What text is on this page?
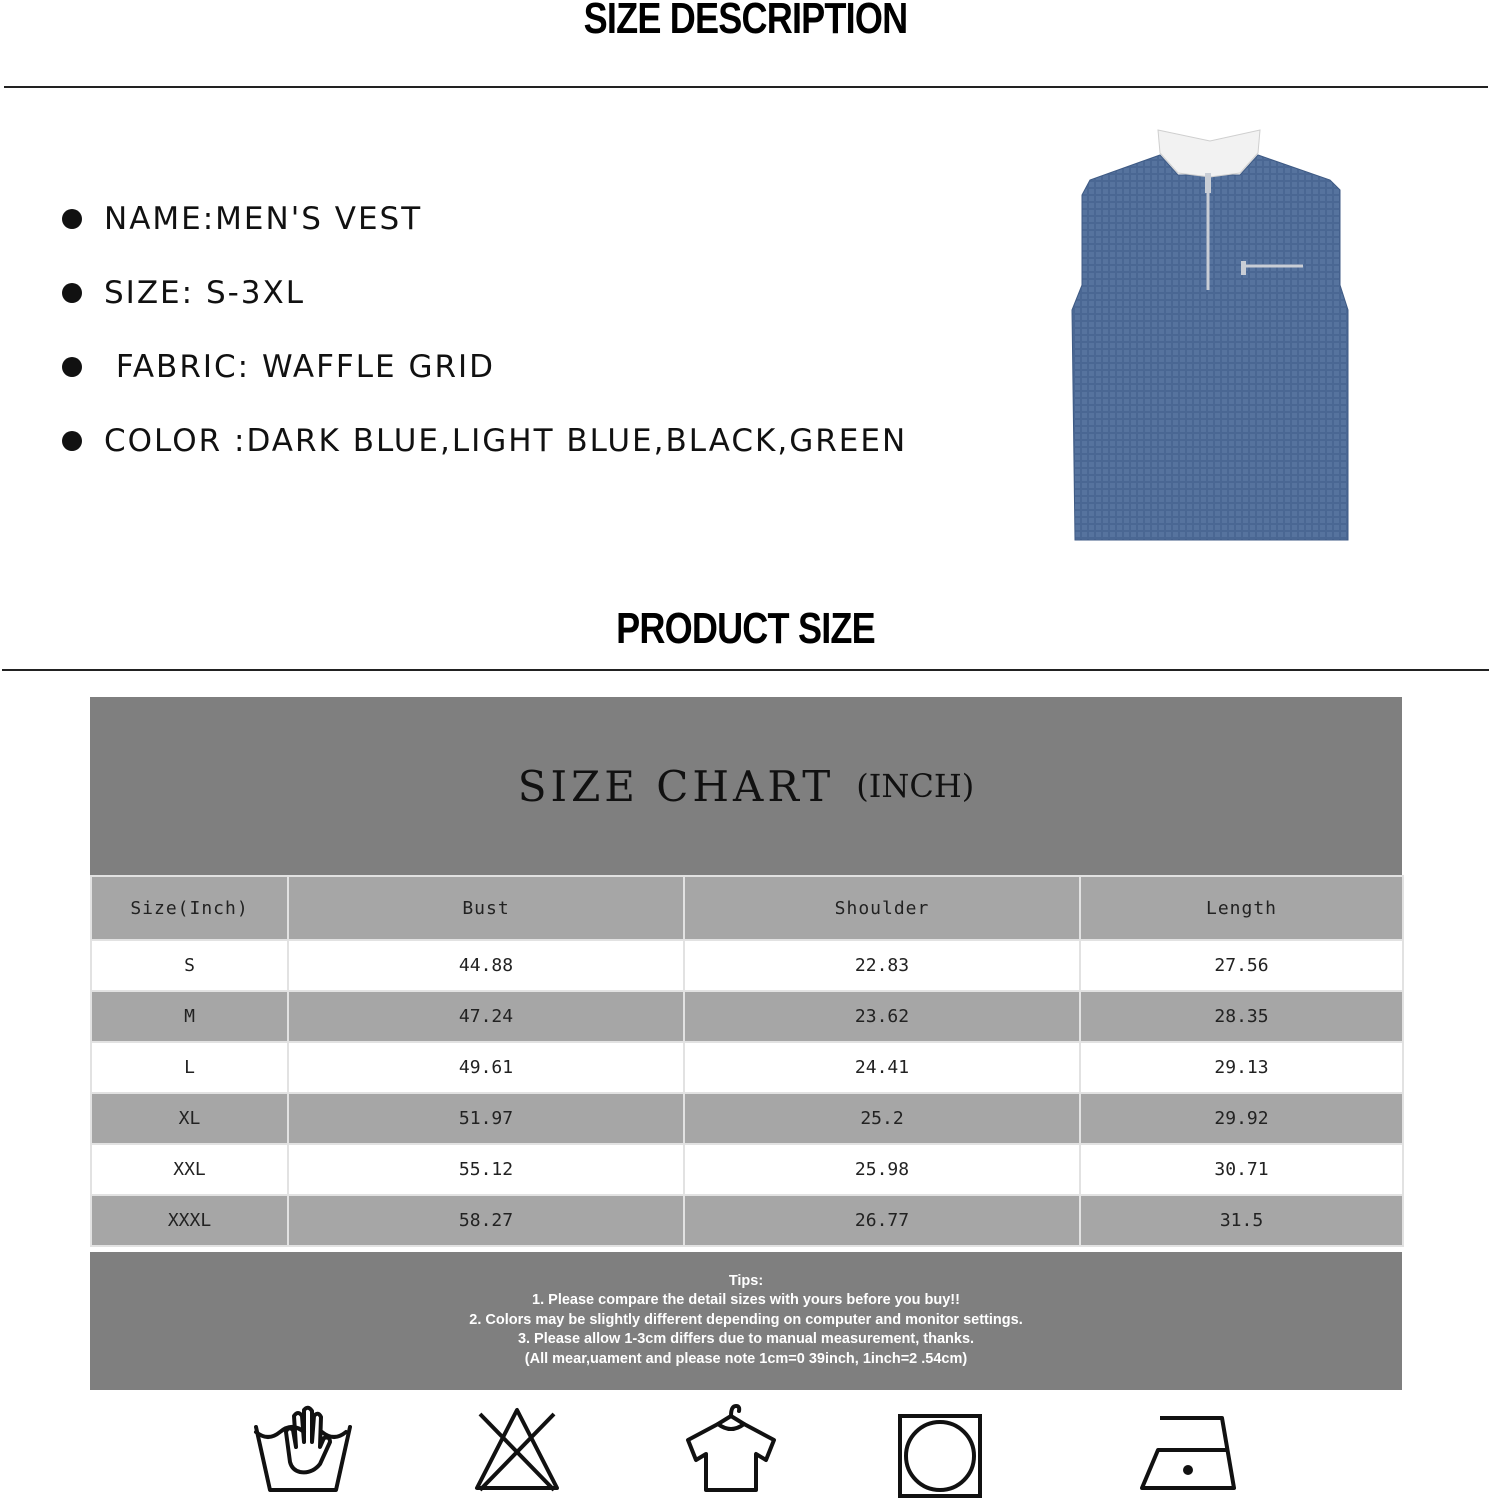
SIZE DESCRIPTION
NAME:MEN'S VEST
SIZE: S-3XL
FABRIC: WAFFLE GRID
COLOR :DARK BLUE,LIGHT BLUE,BLACK,GREEN
PRODUCT SIZE
SIZE CHART (INCH)
Size(Inch)	Bust	Shoulder	Length
S	44.88	22.83	27.56
M	47.24	23.62	28.35
L	49.61	24.41	29.13
XL	51.97	25.2	29.92
XXL	55.12	25.98	30.71
XXXL	58.27	26.77	31.5
Tips:
1. Please compare the detail sizes with yours before you buy!!
2. Colors may be slightly different depending on computer and monitor settings.
3. Please allow 1-3cm differs due to manual measurement, thanks.
(All mear,uament and please note 1cm=0 39inch, 1inch=2 .54cm)
